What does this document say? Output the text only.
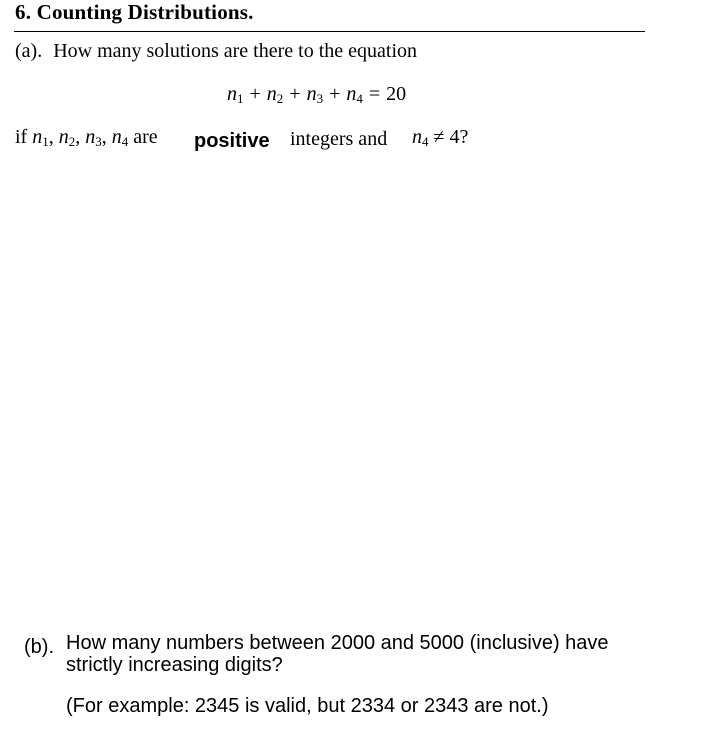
6. Counting Distributions.
(a). How many solutions are there to the equation
$n_1 + n_2 + n_3 + n_4 = 20$
if $n_1$, $n_2$, $n_3$, $n_4$ are positive integers and $n_4 \ne 4$?
(b). How many numbers between 2000 and 5000 (inclusive) have strictly increasing digits?
(For example: 2345 is valid, but 2334 or 2343 are not.)
